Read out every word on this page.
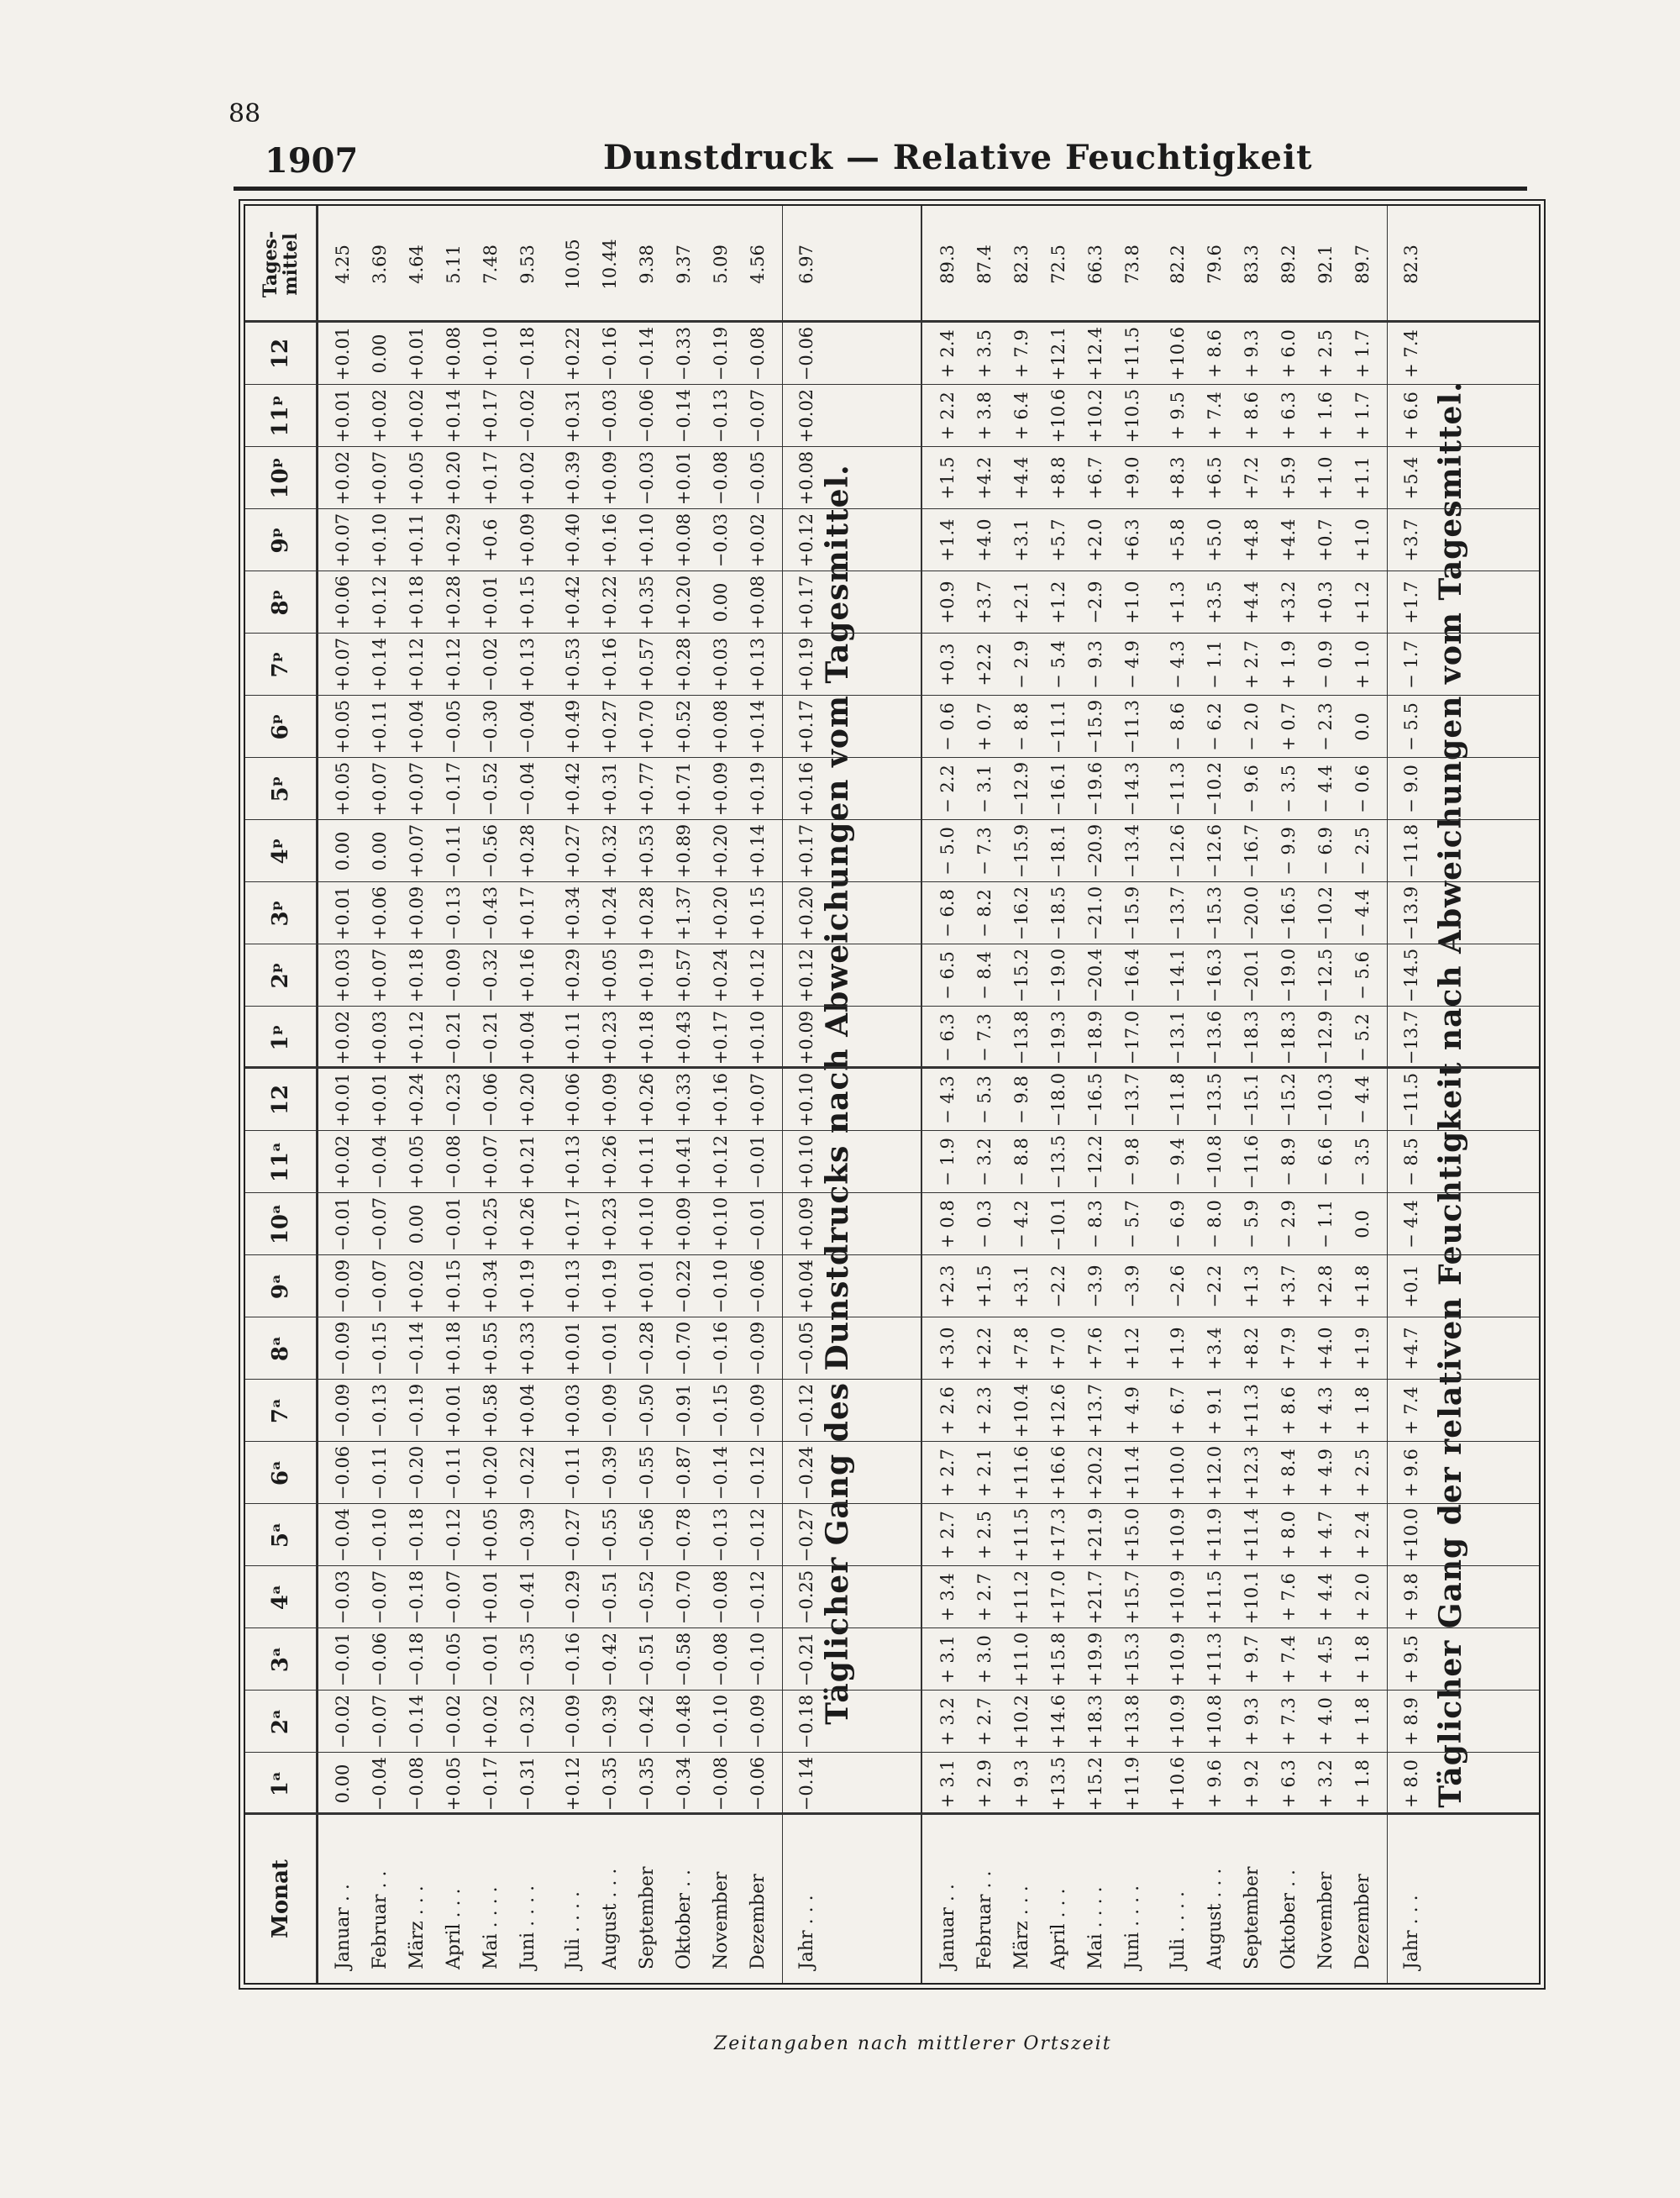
88
1907	Dunstdruck — Relative Feuchtigkeit
Monat
1ᵃ
2ᵃ
3ᵃ
4ᵃ
5ᵃ
6ᵃ
7ᵃ
8ᵃ
9ᵃ
10ᵃ
11ᵃ
12
1ᵖ
2ᵖ
3ᵖ
4ᵖ
5ᵖ
6ᵖ
7ᵖ
8ᵖ
9ᵖ
10ᵖ
11ᵖ
12
Tages-mittel
Täglicher Gang des Dunstdrucks nach Abweichungen vom Tagesmittel.
Januar . .
0.00
−0.02
−0.01
−0.03
−0.04
−0.06
−0.09
−0.09
−0.09
−0.01
+0.02
+0.01
+0.02
+0.03
+0.01
0.00
+0.05
+0.05
+0.07
+0.06
+0.07
+0.02
+0.01
+0.01
4.25
Februar . .
−0.04
−0.07
−0.06
−0.07
−0.10
−0.11
−0.13
−0.15
−0.07
−0.07
−0.04
+0.01
+0.03
+0.07
+0.06
0.00
+0.07
+0.11
+0.14
+0.12
+0.10
+0.07
+0.02
0.00
3.69
März . . .
−0.08
−0.14
−0.18
−0.18
−0.18
−0.20
−0.19
−0.14
+0.02
0.00
+0.05
+0.24
+0.12
+0.18
+0.09
+0.07
+0.07
+0.04
+0.12
+0.18
+0.11
+0.05
+0.02
+0.01
4.64
April . . .
+0.05
−0.02
−0.05
−0.07
−0.12
−0.11
+0.01
+0.18
+0.15
−0.01
−0.08
−0.23
−0.21
−0.09
−0.13
−0.11
−0.17
−0.05
+0.12
+0.28
+0.29
+0.20
+0.14
+0.08
5.11
Mai . . . .
−0.17
+0.02
−0.01
+0.01
+0.05
+0.20
+0.58
+0.55
+0.34
+0.25
+0.07
−0.06
−0.21
−0.32
−0.43
−0.56
−0.52
−0.30
−0.02
+0.01
+0.6
+0.17
+0.17
+0.10
7.48
Juni . . . .
−0.31
−0.32
−0.35
−0.41
−0.39
−0.22
+0.04
+0.33
+0.19
+0.26
+0.21
+0.20
+0.04
+0.16
+0.17
+0.28
−0.04
−0.04
+0.13
+0.15
+0.09
+0.02
−0.02
−0.18
9.53
Juli . . . .
+0.12
−0.09
−0.16
−0.29
−0.27
−0.11
+0.03
+0.01
+0.13
+0.17
+0.13
+0.06
+0.11
+0.29
+0.34
+0.27
+0.42
+0.49
+0.53
+0.42
+0.40
+0.39
+0.31
+0.22
10.05
August . . .
−0.35
−0.39
−0.42
−0.51
−0.55
−0.39
−0.09
−0.01
+0.19
+0.23
+0.26
+0.09
+0.23
+0.05
+0.24
+0.32
+0.31
+0.27
+0.16
+0.22
+0.16
+0.09
−0.03
−0.16
10.44
September
−0.35
−0.42
−0.51
−0.52
−0.56
−0.55
−0.50
−0.28
+0.01
+0.10
+0.11
+0.26
+0.18
+0.19
+0.28
+0.53
+0.77
+0.70
+0.57
+0.35
+0.10
−0.03
−0.06
−0.14
9.38
Oktober . .
−0.34
−0.48
−0.58
−0.70
−0.78
−0.87
−0.91
−0.70
−0.22
+0.09
+0.41
+0.33
+0.43
+0.57
+1.37
+0.89
+0.71
+0.52
+0.28
+0.20
+0.08
+0.01
−0.14
−0.33
9.37
November
−0.08
−0.10
−0.08
−0.08
−0.13
−0.14
−0.15
−0.16
−0.10
+0.10
+0.12
+0.16
+0.17
+0.24
+0.20
+0.20
+0.09
+0.08
+0.03
0.00
−0.03
−0.08
−0.13
−0.19
5.09
Dezember
−0.06
−0.09
−0.10
−0.12
−0.12
−0.12
−0.09
−0.09
−0.06
−0.01
−0.01
+0.07
+0.10
+0.12
+0.15
+0.14
+0.19
+0.14
+0.13
+0.08
+0.02
−0.05
−0.07
−0.08
4.56
Jahr . . .
−0.14
−0.18
−0.21
−0.25
−0.27
−0.24
−0.12
−0.05
+0.04
+0.09
+0.10
+0.10
+0.09
+0.12
+0.20
+0.17
+0.16
+0.17
+0.19
+0.17
+0.12
+0.08
+0.02
−0.06
6.97
Täglicher Gang der relativen Feuchtigkeit nach Abweichungen vom Tagesmittel.
Januar . .
+ 3.1
+ 3.2
+ 3.1
+ 3.4
+ 2.7
+ 2.7
+ 2.6
+3.0
+2.3
+ 0.8
− 1.9
− 4.3
− 6.3
− 6.5
− 6.8
− 5.0
− 2.2
− 0.6
+0.3
+0.9
+1.4
+1.5
+ 2.2
+ 2.4
89.3
Februar . .
+ 2.9
+ 2.7
+ 3.0
+ 2.7
+ 2.5
+ 2.1
+ 2.3
+2.2
+1.5
− 0.3
− 3.2
− 5.3
− 7.3
− 8.4
− 8.2
− 7.3
− 3.1
+ 0.7
+2.2
+3.7
+4.0
+4.2
+ 3.8
+ 3.5
87.4
März . . .
+ 9.3
+10.2
+11.0
+11.2
+11.5
+11.6
+10.4
+7.8
+3.1
− 4.2
− 8.8
− 9.8
−13.8
−15.2
−16.2
−15.9
−12.9
− 8.8
− 2.9
+2.1
+3.1
+4.4
+ 6.4
+ 7.9
82.3
April . . .
+13.5
+14.6
+15.8
+17.0
+17.3
+16.6
+12.6
+7.0
−2.2
−10.1
−13.5
−18.0
−19.3
−19.0
−18.5
−18.1
−16.1
−11.1
− 5.4
+1.2
+5.7
+8.8
+10.6
+12.1
72.5
Mai . . . .
+15.2
+18.3
+19.9
+21.7
+21.9
+20.2
+13.7
+7.6
−3.9
− 8.3
−12.2
−16.5
−18.9
−20.4
−21.0
−20.9
−19.6
−15.9
− 9.3
−2.9
+2.0
+6.7
+10.2
+12.4
66.3
Juni . . . .
+11.9
+13.8
+15.3
+15.7
+15.0
+11.4
+ 4.9
+1.2
−3.9
− 5.7
− 9.8
−13.7
−17.0
−16.4
−15.9
−13.4
−14.3
−11.3
− 4.9
+1.0
+6.3
+9.0
+10.5
+11.5
73.8
Juli . . . .
+10.6
+10.9
+10.9
+10.9
+10.9
+10.0
+ 6.7
+1.9
−2.6
− 6.9
− 9.4
−11.8
−13.1
−14.1
−13.7
−12.6
−11.3
− 8.6
− 4.3
+1.3
+5.8
+8.3
+ 9.5
+10.6
82.2
August . . .
+ 9.6
+10.8
+11.3
+11.5
+11.9
+12.0
+ 9.1
+3.4
−2.2
− 8.0
−10.8
−13.5
−13.6
−16.3
−15.3
−12.6
−10.2
− 6.2
− 1.1
+3.5
+5.0
+6.5
+ 7.4
+ 8.6
79.6
September
+ 9.2
+ 9.3
+ 9.7
+10.1
+11.4
+12.3
+11.3
+8.2
+1.3
− 5.9
−11.6
−15.1
−18.3
−20.1
−20.0
−16.7
− 9.6
− 2.0
+ 2.7
+4.4
+4.8
+7.2
+ 8.6
+ 9.3
83.3
Oktober . .
+ 6.3
+ 7.3
+ 7.4
+ 7.6
+ 8.0
+ 8.4
+ 8.6
+7.9
+3.7
− 2.9
− 8.9
−15.2
−18.3
−19.0
−16.5
− 9.9
− 3.5
+ 0.7
+ 1.9
+3.2
+4.4
+5.9
+ 6.3
+ 6.0
89.2
November
+ 3.2
+ 4.0
+ 4.5
+ 4.4
+ 4.7
+ 4.9
+ 4.3
+4.0
+2.8
− 1.1
− 6.6
−10.3
−12.9
−12.5
−10.2
− 6.9
− 4.4
− 2.3
− 0.9
+0.3
+0.7
+1.0
+ 1.6
+ 2.5
92.1
Dezember
+ 1.8
+ 1.8
+ 1.8
+ 2.0
+ 2.4
+ 2.5
+ 1.8
+1.9
+1.8
0.0
− 3.5
− 4.4
− 5.2
− 5.6
− 4.4
− 2.5
− 0.6
0.0
+ 1.0
+1.2
+1.0
+1.1
+ 1.7
+ 1.7
89.7
Jahr . . .
+ 8.0
+ 8.9
+ 9.5
+ 9.8
+10.0
+ 9.6
+ 7.4
+4.7
+0.1
− 4.4
− 8.5
−11.5
−13.7
−14.5
−13.9
−11.8
− 9.0
− 5.5
− 1.7
+1.7
+3.7
+5.4
+ 6.6
+ 7.4
82.3
Zeitangaben nach mittlerer Ortszeit
